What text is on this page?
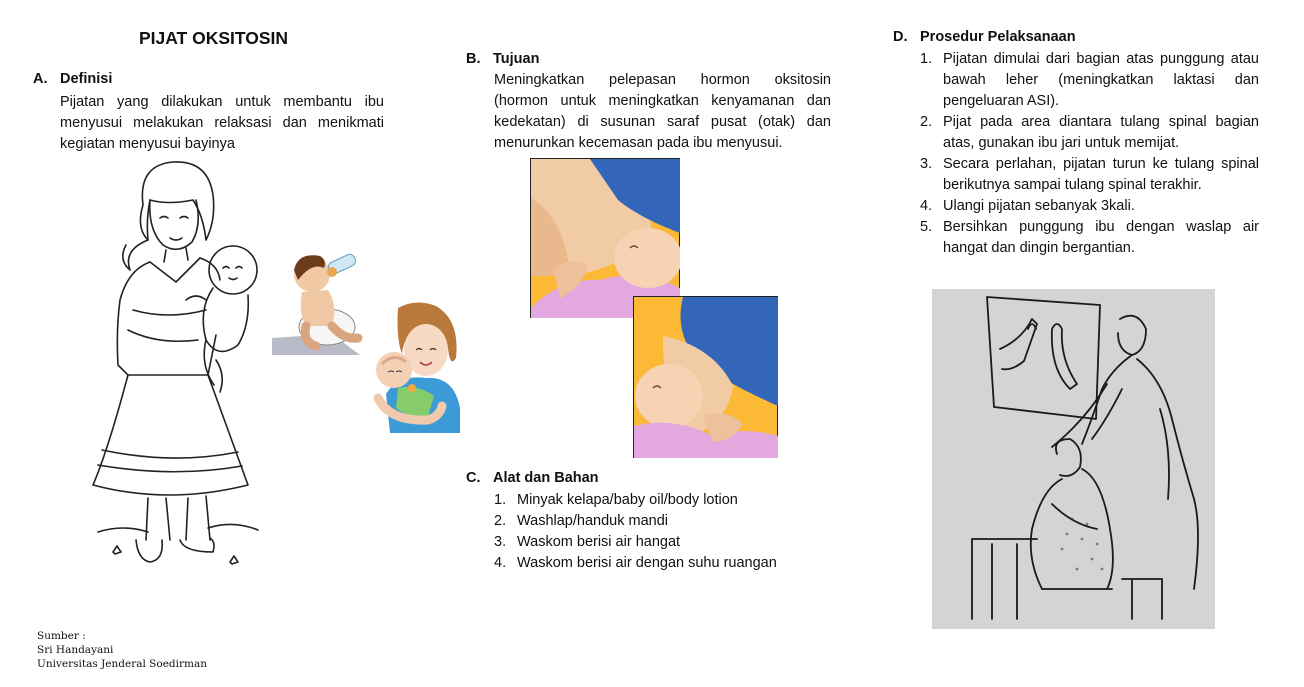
PIJAT OKSITOSIN
A. Definisi
Pijatan yang dilakukan untuk membantu ibu
menyusui melakukan relaksasi dan menikmati
kegiatan menyusui bayinya
B. Tujuan
Meningkatkan pelepasan hormon oksitosin
(hormon untuk meningkatkan kenyamanan dan
kedekatan) di susunan saraf pusat (otak) dan
menurunkan kecemasan pada ibu menyusui.
C. Alat dan Bahan
1. Minyak kelapa/baby oil/body lotion
2. Washlap/handuk mandi
3. Waskom berisi air hangat
4. Waskom berisi air dengan suhu ruangan
D. Prosedur Pelaksanaan
1. Pijatan dimulai dari bagian atas punggung atau bawah leher (meningkatkan laktasi dan pengeluaran ASI).
2. Pijat pada area diantara tulang spinal bagian atas, gunakan ibu jari untuk memijat.
3. Secara perlahan, pijatan turun ke tulang spinal berikutnya sampai tulang spinal terakhir.
4. Ulangi pijatan sebanyak 3kali.
5. Bersihkan punggung ibu dengan waslap air hangat dan dingin bergantian.
Sumber :
Sri Handayani
Universitas Jenderal Soedirman
